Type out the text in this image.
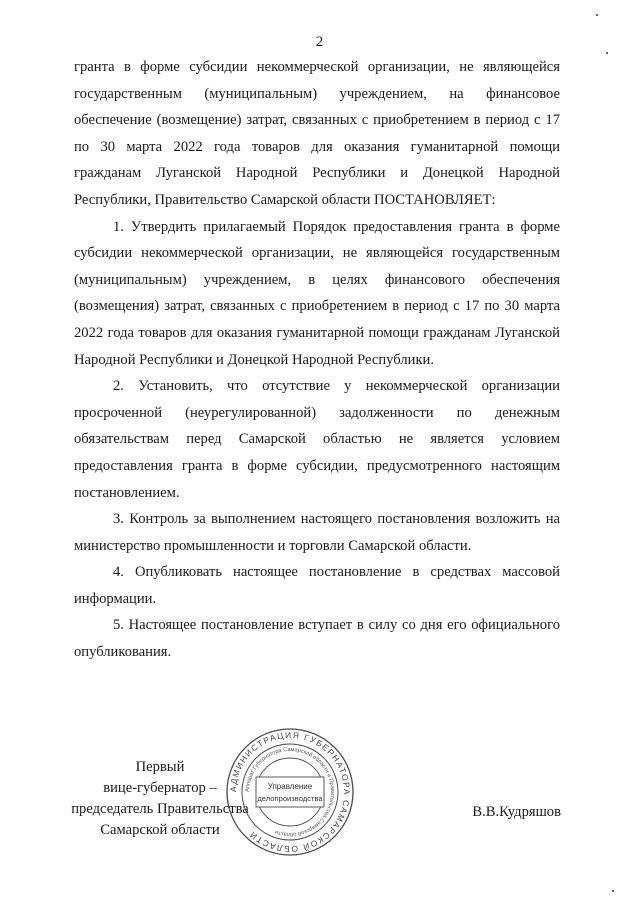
2

гранта в форме субсидии некоммерческой организации, не являющейся государственным (муниципальным) учреждением, на финансовое обеспечение (возмещение) затрат, связанных с приобретением в период с 17 по 30 марта 2022 года товаров для оказания гуманитарной помощи гражданам Луганской Народной Республики и Донецкой Народной Республики, Правительство Самарской области ПОСТАНОВЛЯЕТ:

1. Утвердить прилагаемый Порядок предоставления гранта в форме субсидии некоммерческой организации, не являющейся государственным (муниципальным) учреждением, в целях финансового обеспечения (возмещения) затрат, связанных с приобретением в период с 17 по 30 марта 2022 года товаров для оказания гуманитарной помощи гражданам Луганской Народной Республики и Донецкой Народной Республики.

2. Установить, что отсутствие у некоммерческой организации просроченной (неурегулированной) задолженности по денежным обязательствам перед Самарской областью не является условием предоставления гранта в форме субсидии, предусмотренного настоящим постановлением.

3. Контроль за выполнением настоящего постановления возложить на министерство промышленности и торговли Самарской области.

4. Опубликовать настоящее постановление в средствах массовой информации.

5. Настоящее постановление вступает в силу со дня его официального опубликования.

Первый
вице-губернатор –
председатель Правительства
Самарской области
АДМИНИСТРАЦИЯ ГУБЕРНАТОРА САМАРСКОЙ ОБЛАСТИ
Аппарат Губернатора Самарской области и Правительства Самарской области
Управление
делопроизводства
В.В.Кудряшов
